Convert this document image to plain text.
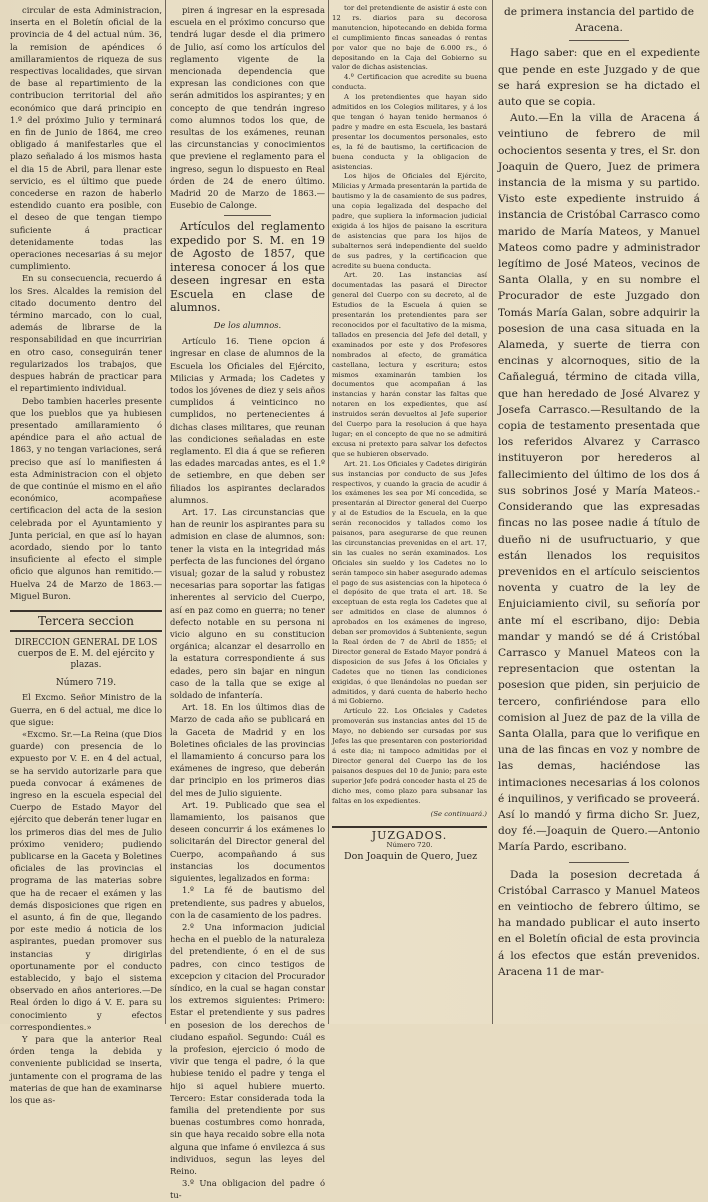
circular de esta Administracion, inserta en el Boletín oficial de la provincia de 4 del actual núm. 36, la remision de apéndices ó amillaramientos de riqueza de sus respectivas localidades, que sirvan de base al repartimiento de la contribucion territorial del año económico que dará principio en 1.º del próximo Julio y terminará en fin de Junio de 1864, me creo obligado á manifestarles que el plazo señalado á los mismos hasta el dia 15 de Abril, para llenar este servicio, es el último que puede concederse en razon de haberlo estendido cuanto era posible, con el deseo de que tengan tiempo suficiente á practicar detenidamente todas las operaciones necesarias á su mejor cumplimiento.

En su consecuencia, recuerdo á los Sres. Alcaldes la remision del citado documento dentro del término marcado, con lo cual, además de librarse de la responsabilidad en que incurririan en otro caso, conseguirán tener regularizados los trabajos, que despues habrán de practicar para el repartimiento individual.

Debo tambien hacerles presente que los pueblos que ya hubiesen presentado amillaramiento ó apéndice para el año actual de 1863, y no tengan variaciones, será preciso que así lo manifiesten á esta Administracion con el objeto de que continúe el mismo en el año económico, acompañese certificacion del acta de la sesion celebrada por el Ayuntamiento y Junta pericial, en que así lo hayan acordado, siendo por lo tanto insuficiente al efecto el simple oficio que algunos han remitido.— Huelva 24 de Marzo de 1863.— Miguel Buron.

Tercera seccion

DIRECCION GENERAL DE LOS cuerpos de E. M. del ejército y plazas.

Número 719.

El Excmo. Señor Ministro de la Guerra, en 6 del actual, me dice lo que sigue:

«Excmo. Sr.—La Reina (que Dios guarde) con presencia de lo expuesto por V. E. en 4 del actual, se ha servido autorizarle para que pueda convocar á exámenes de ingreso en la escuela especial del Cuerpo de Estado Mayor del ejército que deberán tener lugar en los primeros dias del mes de Julio próximo venidero; pudiendo publicarse en la Gaceta y Boletines oficiales de las provincias el programa de las materias sobre que ha de recaer el exámen y las demás disposiciones que rigen en el asunto, á fin de que, llegando por este medio á noticia de los aspirantes, puedan promover sus instancias y dirigirlas oportunamente por el conducto establecido, y bajo el sistema observado en años anteriores.—De Real órden lo digo á V. E. para su conocimiento y efectos correspondientes.»

Y para que la anterior Real órden tenga la debida y conveniente publicidad se inserta, juntamente con el programa de las materias de que han de examinarse los que as-

piren á ingresar en la espresada escuela en el próximo concurso que tendrá lugar desde el dia primero de Julio, así como los artículos del reglamento vigente de la mencionada dependencia que expresan las condiciones con que serán admitidos los aspirantes; y en concepto de que tendrán ingreso como alumnos todos los que, de resultas de los exámenes, reunan las circunstancias y conocimientos que previene el reglamento para el ingreso, segun lo dispuesto en Real órden de 24 de enero último. Madrid 20 de Marzo de 1863.—Eusebio de Calonge.

Artículos del reglamento expedido por S. M. en 19 de Agosto de 1857, que interesa conocer á los que deseen ingresar en esta Escuela en clase de alumnos.

De los alumnos.

Artículo 16. Tiene opcion á ingresar en clase de alumnos de la Escuela los Oficiales del Ejército, Milicias y Armada; los Cadetes y todos los jóvenes de diez y seis años cumplidos á veinticinco no cumplidos, no pertenecientes á dichas clases militares, que reunan las condiciones señaladas en este reglamento. El dia á que se refieren las edades marcadas antes, es el 1.º de setiembre, en que deben ser filiados los aspirantes declarados alumnos.

Art. 17. Las circunstancias que han de reunir los aspirantes para su admision en clase de alumnos, son: tener la vista en la integridad más perfecta de las funciones del órgano visual; gozar de la salud y robustez necesarias para soportar las fatigas inherentes al servicio del Cuerpo, así en paz como en guerra; no tener defecto notable en su persona ni vicio alguno en su constitucion orgánica; alcanzar el desarrollo en la estatura correspondiente á sus edades, pero sin bajar en ningun caso de la talla que se exige al soldado de infantería.

Art. 18. En los últimos dias de Marzo de cada año se publicará en la Gaceta de Madrid y en los Boletines oficiales de las provincias el llamamiento á concurso para los exámenes de ingreso, que deberán dar principio en los primeros dias del mes de Julio siguiente.

Art. 19. Publicado que sea el llamamiento, los paisanos que deseen concurrir á los exámenes lo solicitarán del Director general del Cuerpo, acompañando á sus instancias los documentos siguientes, legalizados en forma:

1.º La fé de bautismo del pretendiente, sus padres y abuelos, con la de casamiento de los padres.

2.º Una informacion judicial hecha en el pueblo de la naturaleza del pretendiente, ó en el de sus padres, con cinco testigos de excepcion y citacion del Procurador síndico, en la cual se hagan constar los extremos siguientes: Primero: Estar el pretendiente y sus padres en posesion de los derechos de ciudano español. Segundo: Cuál es la profesion, ejercicio ó modo de vivir que tenga el padre, ó la que hubiese tenido el padre y tenga el hijo si aquel hubiere muerto. Tercero: Estar considerada toda la familia del pretendiente por sus buenas costumbres como honrada, sin que haya recaido sobre ella nota alguna que infame ó envilezca á sus individuos, segun las leyes del Reino.

3.º Una obligacion del padre ó tu-

tor del pretendiente de asistir á este con 12 rs. diarios para su decorosa manutencion, hipotecando en debida forma el cumplimiento fincas saneadas ó rentas por valor que no baje de 6.000 rs., ó depositando en la Caja del Gobierno su valor de dichas asistencias.

4.º Certificacion que acredite su buena conducta.

A los pretendientes que hayan sido admitidos en los Colegios militares, y á los que tengan ó hayan tenido hermanos ó padre y madre en esta Escuela, les bastará presentar los documentos personales, esto es, la fé de bautismo, la certificacion de buena conducta y la obligacion de asistencias.

Los hijos de Oficiales del Ejército, Milicias y Armada presentarán la partida de bautismo y la de casamiento de sus padres, una copia legalizada del despacho del padre, que supliera la informacion judicial exigida á los hijos de paisano la escritura de asistencias que para los hijos de subalternos será independiente del sueldo de sus padres, y la certificacion que acredite su buena conducta.

Art. 20. Las instancias así documentadas las pasará el Director general del Cuerpo con su decreto, al de Estudios de la Escuela á quien se presentarán los pretendientes para ser reconocidos por el facultativo de la misma, tallados en presencia del Jefe del detall, y examinados por este y dos Profesores nombrados al efecto, de gramática castellana, lectura y escritura; estos mismos examinarán tambien los documentos que acompañan á las instancias y harán constar las faltas que notaren en los expedientes, que así instruidos serán devueltos al Jefe superior del Cuerpo para la resolucion á que haya lugar; en el concepto de que no se admitirá excusa ni pretexto para salvar los defectos que se hubieren observado.

Art. 21. Los Oficiales y Cadetes dirigirán sus instancias por conducto de sus Jefes respectivos, y cuando la gracia de acudir á los exámenes les sea por Mí concedida, se presentarán al Director general del Cuerpo y al de Estudios de la Escuela, en la que serán reconocidos y tallados como los paisanos, para asegurarse de que reunen las circunstancias prevenidas en el art. 17, sin las cuales no serán examinados. Los Oficiales sin sueldo y los Cadetes no lo serán tampoco sin haber asegurado ademas el pago de sus asistencias con la hipoteca ó el depósito de que trata el art. 18. Se exceptuan de esta regla los Cadetes que al ser admitidos en clase de alumnos ó aprobados en los exámenes de ingreso, deban ser promovidos á Subteniente, segun la Real órden de 7 de Abril de 1855; el Director general de Estado Mayor pondrá á disposicion de sus Jefes á los Oficiales y Cadetes que no tienen las condiciones exigidas, ó que llenándolas no puedan ser admitidos, y dará cuenta de haberlo hecho á mi Gobierno.

Artículo 22. Los Oficiales y Cadetes promoverán sus instancias antes del 15 de Mayo, no debiendo ser cursadas por sus Jefes las que presentaren con posterioridad á este dia; ni tampoco admitidas por el Director general del Cuerpo las de los paisanos despues del 10 de Junio; para este superior Jefe podrá conceder hasta el 25 de dicho mes, como plazo para subsanar las faltas en los expedientes.

(Se continuará.)

JUZGADOS.

Número 720.

Don Joaquin de Quero, Juez

de primera instancia del partido de Aracena.

Hago saber: que en el expediente que pende en este Juzgado y de que se hará expresion se ha dictado el auto que se copia.

Auto.—En la villa de Aracena á veintiuno de febrero de mil ochocientos sesenta y tres, el Sr. don Joaquin de Quero, Juez de primera instancia de la misma y su partido. Visto este expediente instruido á instancia de Cristóbal Carrasco como marido de María Mateos, y Manuel Mateos como padre y administrador legítimo de José Mateos, vecinos de Santa Olalla, y en su nombre el Procurador de este Juzgado don Tomás María Galan, sobre adquirir la posesion de una casa situada en la Alameda, y suerte de tierra con encinas y alcornoques, sitio de la Cañaleguá, término de citada villa, que han heredado de José Alvarez y Josefa Carrasco.—Resultando de la copia de testamento presentada que los referidos Alvarez y Carrasco instituyeron por herederos al fallecimiento del último de los dos á sus sobrinos José y María Mateos.-Considerando que las expresadas fincas no las posee nadie á título de dueño ni de usufructuario, y que están llenados los requisitos prevenidos en el artículo seiscientos noventa y cuatro de la ley de Enjuiciamiento civil, su señoría por ante mí el escribano, dijo: Debia mandar y mandó se dé á Cristóbal Carrasco y Manuel Mateos con la representacion que ostentan la posesion que piden, sin perjuicio de tercero, confiriéndose para ello comision al Juez de paz de la villa de Santa Olalla, para que lo verifique en una de las fincas en voz y nombre de las demas, haciéndose las intimaciones necesarias á los colonos é inquilinos, y verificado se proveerá. Así lo mandó y firma dicho Sr. Juez, doy fé.—Joaquin de Quero.—Antonio María Pardo, escribano.

Dada la posesion decretada á Cristóbal Carrasco y Manuel Mateos en veintiocho de febrero último, se ha mandado publicar el auto inserto en el Boletín oficial de esta provincia á los efectos que están prevenidos. Aracena 11 de mar-
